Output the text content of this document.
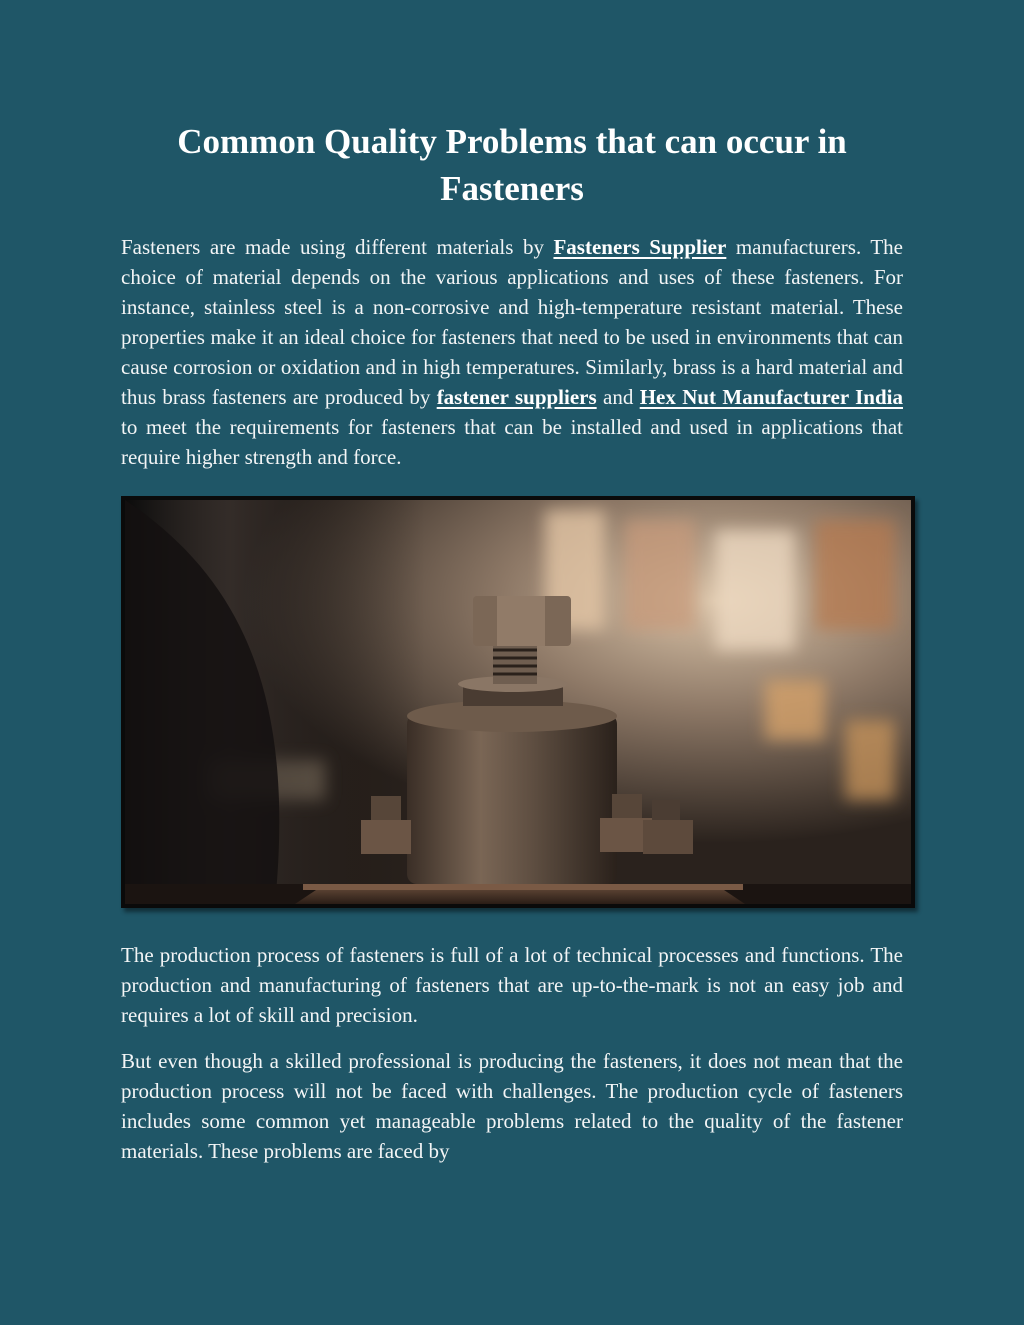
Common Quality Problems that can occur in Fasteners

Fasteners are made using different materials by Fasteners Supplier manufacturers. The choice of material depends on the various applications and uses of these fasteners. For instance, stainless steel is a non-corrosive and high-temperature resistant material. These properties make it an ideal choice for fasteners that need to be used in environments that can cause corrosion or oxidation and in high temperatures. Similarly, brass is a hard material and thus brass fasteners are produced by fastener suppliers and Hex Nut Manufacturer India to meet the requirements for fasteners that can be installed and used in applications that require higher strength and force.

The production process of fasteners is full of a lot of technical processes and functions. The production and manufacturing of fasteners that are up-to-the-mark is not an easy job and requires a lot of skill and precision.

But even though a skilled professional is producing the fasteners, it does not mean that the production process will not be faced with challenges. The production cycle of fasteners includes some common yet manageable problems related to the quality of the fastener materials. These problems are faced by
